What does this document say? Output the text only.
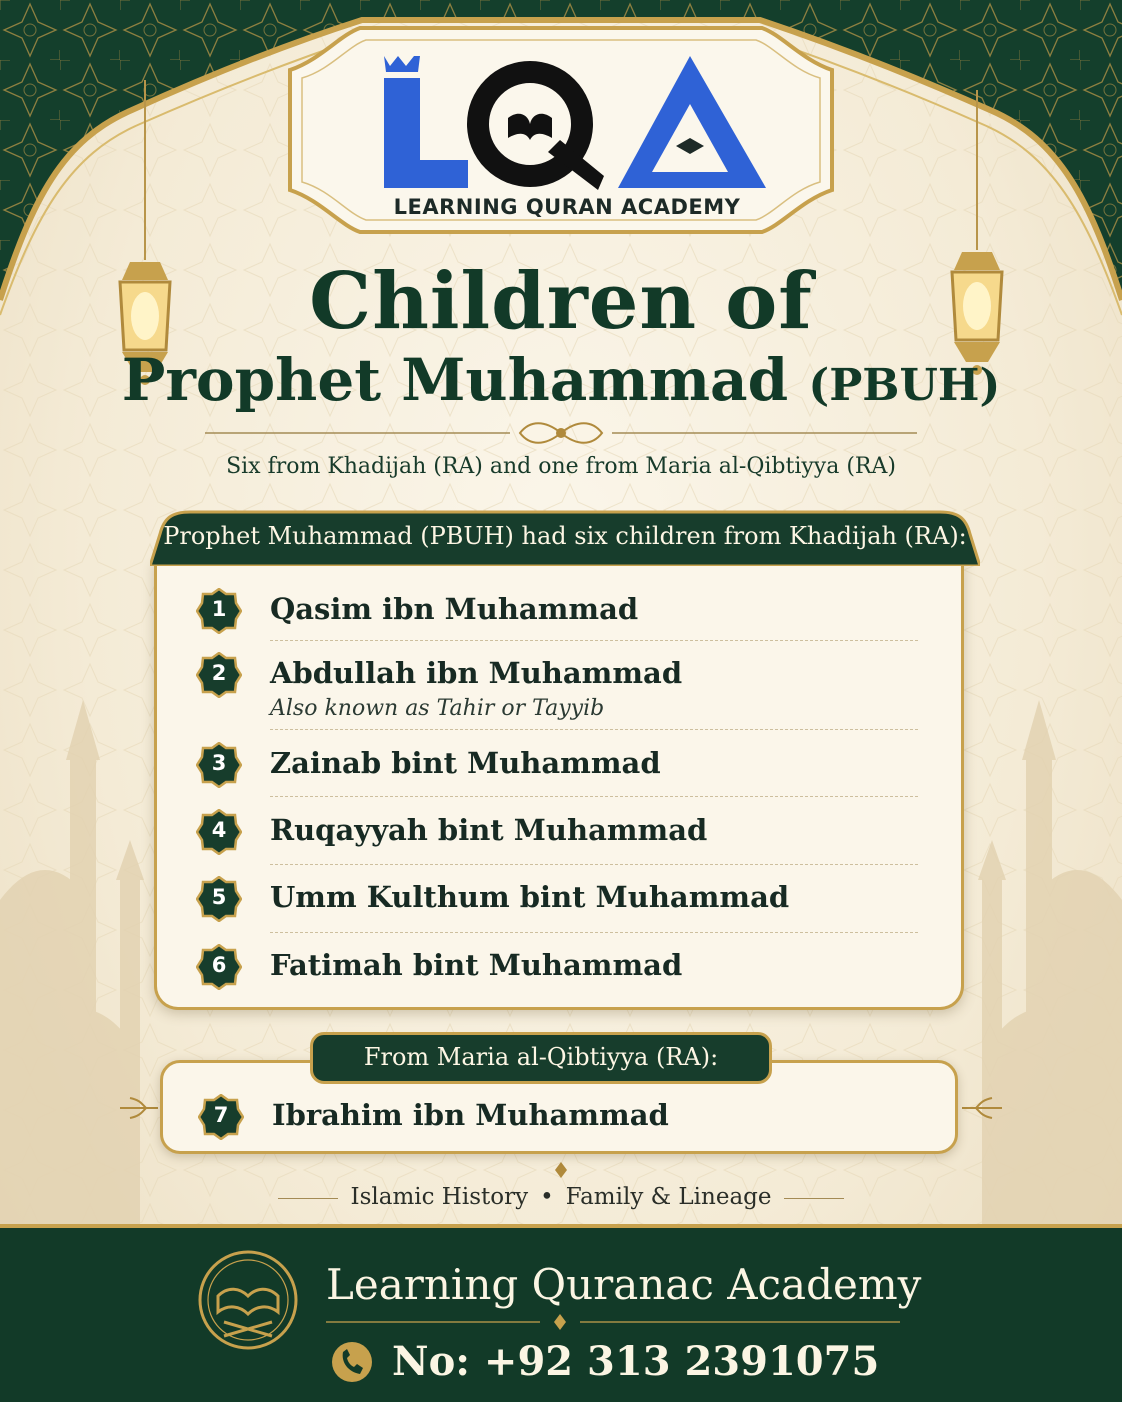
LEARNING QURAN ACADEMY
Children of
Prophet Muhammad (PBUH)
Six from Khadijah (RA) and one from Maria al-Qibtiyya (RA)
Prophet Muhammad (PBUH) had six children from Khadijah (RA):
1	Qasim ibn Muhammad
2	Abdullah ibn Muhammad
Also known as Tahir or Tayyib
3	Zainab bint Muhammad
4	Ruqayyah bint Muhammad
5	Umm Kulthum bint Muhammad
6	Fatimah bint Muhammad
From Maria al-Qibtiyya (RA):
7	Ibrahim ibn Muhammad
Islamic History • Family & Lineage
Learning Quranac Academy
No: +92 313 2391075
